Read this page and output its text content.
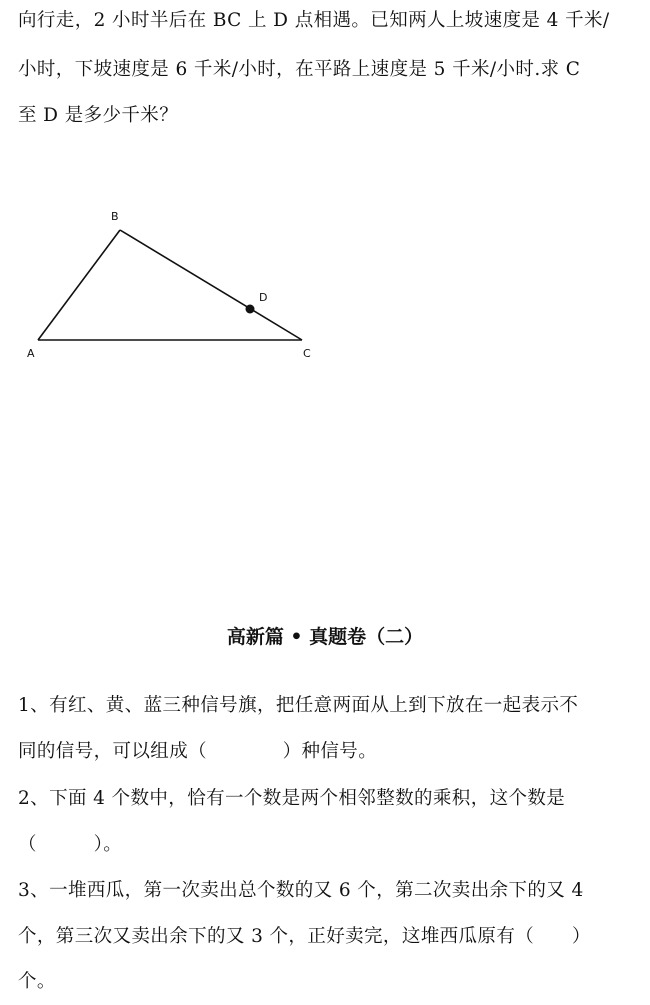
向行走，2 小时半后在 BC 上 D 点相遇。已知两人上坡速度是 4 千米/
小时，下坡速度是 6 千米/小时，在平路上速度是 5 千米/小时.求 C
至 D 是多少千米？
B
D
A	C
高新篇 • 真题卷（二）
1、有红、黄、蓝三种信号旗，把任意两面从上到下放在一起表示不
同的信号，可以组成（　　　　）种信号。
2、下面 4 个数中，恰有一个数是两个相邻整数的乘积，这个数是
（　　　）。
3、一堆西瓜，第一次卖出总个数的又 6 个，第二次卖出余下的又 4
个，第三次又卖出余下的又 3 个，正好卖完，这堆西瓜原有（　　）
个。
